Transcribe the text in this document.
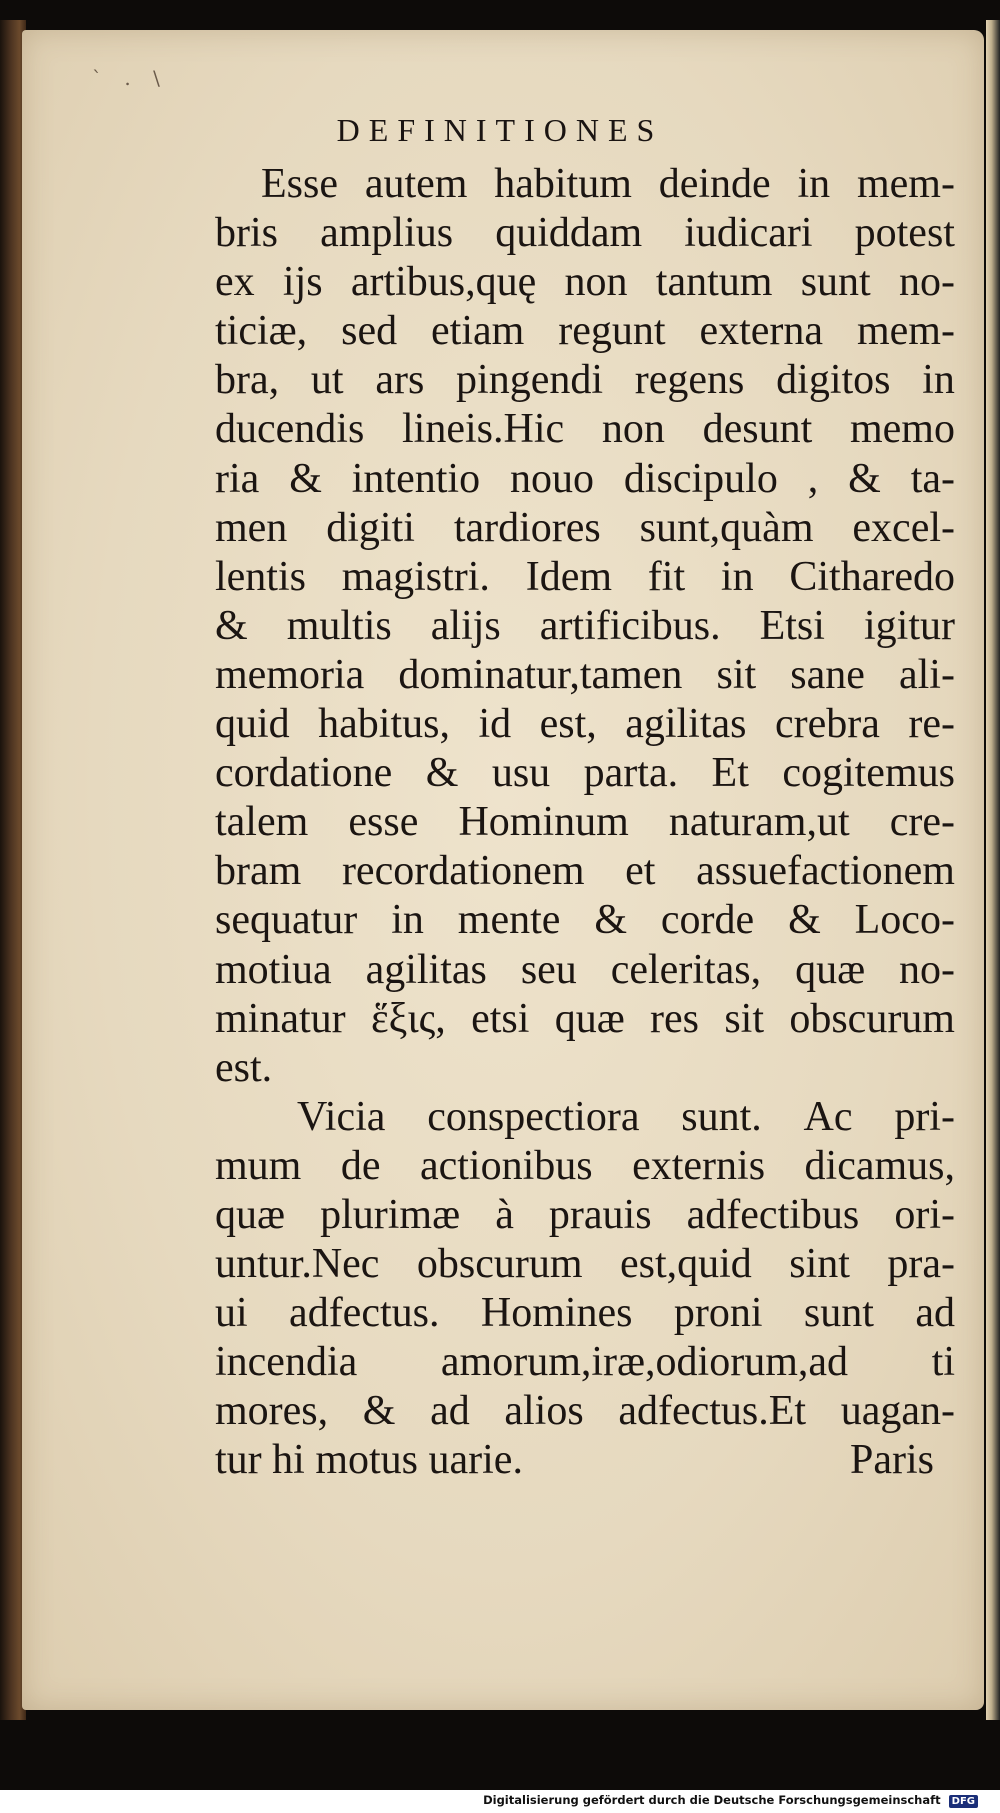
` . \
DEFINITIONES
Esse autem habitum deinde in mem-
bris amplius quiddam iudicari potest
ex ijs artibus,quę non tantum sunt no-
ticiæ, sed etiam regunt externa mem-
bra, ut ars pingendi regens digitos in
ducendis lineis.Hic non desunt memo
ria & intentio nouo discipulo , & ta-
men digiti tardiores sunt,quàm excel-
lentis magistri. Idem fit in Citharedo
& multis alijs artificibus. Etsi igitur
memoria dominatur,tamen sit sane ali-
quid habitus, id est, agilitas crebra re-
cordatione & usu parta. Et cogitemus
talem esse Hominum naturam,ut cre-
bram recordationem et assuefactionem
sequatur in mente & corde & Loco-
motiua agilitas seu celeritas, quæ no-
minatur ἕξις, etsi quæ res sit obscurum
est.
Vicia conspectiora sunt. Ac pri-
mum de actionibus externis dicamus,
quæ plurimæ à prauis adfectibus ori-
untur.Nec obscurum est,quid sint pra-
ui adfectus. Homines proni sunt ad
incendia amorum,iræ,odiorum,ad ti
mores, & ad alios adfectus.Et uagan-
tur hi motus uarie.	Paris
Digitalisierung gefördert durch die Deutsche Forschungsgemeinschaft DFG
